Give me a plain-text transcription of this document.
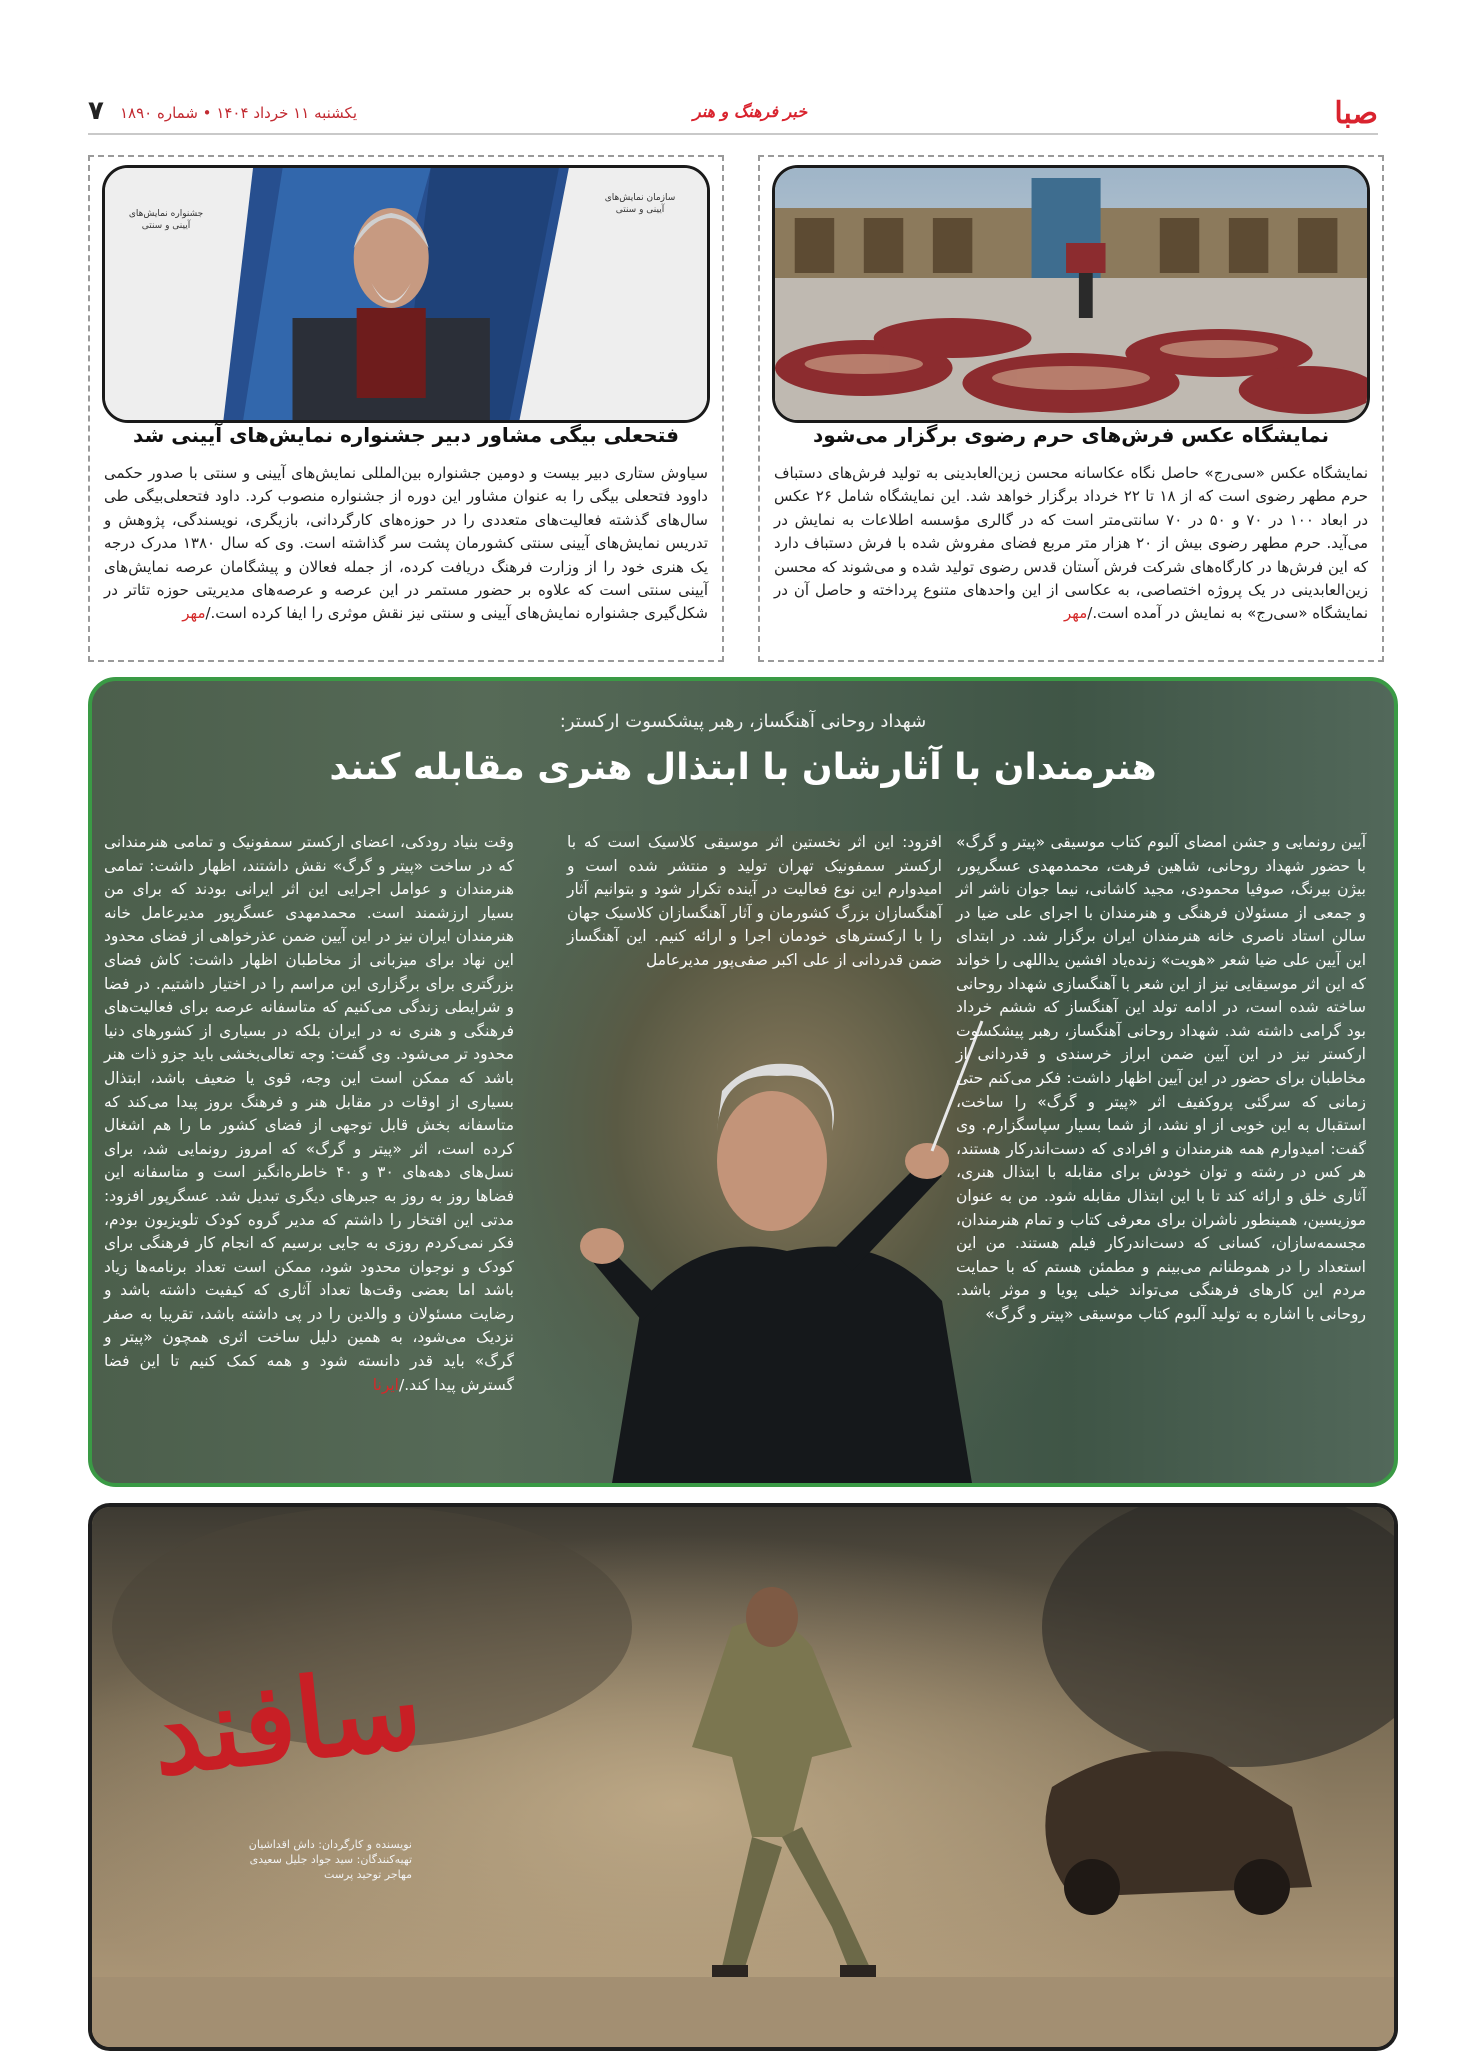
صبا
خبر فرهنگ و هنر
یکشنبه ۱۱ خرداد ۱۴۰۴ • شماره ۱۸۹۰
۷
نمایشگاه عکس فرش‌های حرم رضوی برگزار می‌شود
نمایشگاه عکس «سی‌رج» حاصل نگاه عکاسانه محسن زین‌العابدینی به تولید فرش‌های دستباف حرم مطهر رضوی است که از ۱۸ تا ۲۲ خرداد برگزار خواهد شد. این نمایشگاه شامل ۲۶ عکس در ابعاد ۱۰۰ در ۷۰ و ۵۰ در ۷۰ سانتی‌متر است که در گالری مؤسسه اطلاعات به نمایش در می‌آید. حرم مطهر رضوی بیش از ۲۰ هزار متر مربع فضای مفروش شده با فرش دستباف دارد که این فرش‌ها در کارگاه‌های شرکت فرش آستان قدس رضوی تولید شده و می‌شوند که محسن زین‌العابدینی در یک پروژه اختصاصی، به عکاسی از این واحدهای متنوع پرداخته و حاصل آن در نمایشگاه «سی‌رج» به نمایش در آمده است./مهر
سازمان نمایش‌های آیینی و سنتی
جشنواره نمایش‌های آیینی و سنتی
فتحعلی بیگی مشاور دبیر جشنواره نمایش‌های آیینی شد
سیاوش ستاری دبیر بیست و دومین جشنواره بین‌المللی نمایش‌های آیینی و سنتی با صدور حکمی داوود فتحعلی بیگی را به عنوان مشاور این دوره از جشنواره منصوب کرد. داود فتحعلی‌بیگی طی سال‌های گذشته فعالیت‌های متعددی را در حوزه‌های کارگردانی، بازیگری، نویسندگی، پژوهش و تدریس نمایش‌های آیینی سنتی کشورمان پشت سر گذاشته است. وی که سال ۱۳۸۰ مدرک درجه یک هنری خود را از وزارت فرهنگ دریافت کرده، از جمله فعالان و پیشگامان عرصه نمایش‌های آیینی سنتی است که علاوه بر حضور مستمر در این عرصه و عرصه‌های مدیریتی حوزه تئاتر در شکل‌گیری جشنواره نمایش‌های آیینی و سنتی نیز نقش موثری را ایفا کرده است./مهر
شهداد روحانی آهنگساز، رهبر پیشکسوت ارکستر:
هنرمندان با آثارشان با ابتذال هنری مقابله کنند
آیین رونمایی و جشن امضای آلبوم کتاب موسیقی «پیتر و گرگ» با حضور شهداد روحانی، شاهین فرهت، محمدمهدی عسگرپور، بیژن بیرنگ، صوفیا محمودی، مجید کاشانی، نیما جوان ناشر اثر و جمعی از مسئولان فرهنگی و هنرمندان با اجرای علی ضیا در سالن استاد ناصری خانه هنرمندان ایران برگزار شد. در ابتدای این آیین علی ضیا شعر «هویت» زنده‌یاد افشین یداللهی را خواند که این اثر موسیقایی نیز از این شعر با آهنگسازی شهداد روحانی ساخته شده است، در ادامه تولد این آهنگساز که ششم خرداد بود گرامی داشته شد. شهداد روحانی آهنگساز، رهبر پیشکسوت ارکستر نیز در این آیین ضمن ابراز خرسندی و قدردانی از مخاطبان برای حضور در این آیین اظهار داشت: فکر می‌کنم حتی زمانی که سرگئی پروکفیف اثر «پیتر و گرگ» را ساخت، استقبال به این خوبی از او نشد، از شما بسیار سپاسگزارم. وی گفت: امیدوارم همه هنرمندان و افرادی که دست‌اندرکار هستند، هر کس در رشته و توان خودش برای مقابله با ابتذال هنری، آثاری خلق و ارائه کند تا با این ابتذال مقابله شود. من به عنوان موزیسین، همینطور ناشران برای معرفی کتاب و تمام هنرمندان، مجسمه‌سازان، کسانی که دست‌اندرکار فیلم هستند. من این استعداد را در هموطنانم می‌بینم و مطمئن هستم که با حمایت مردم این کارهای فرهنگی می‌تواند خیلی پویا و موثر باشد. روحانی با اشاره به تولید آلبوم کتاب موسیقی «پیتر و گرگ»
افزود: این اثر نخستین اثر موسیقی کلاسیک است که با ارکستر سمفونیک تهران تولید و منتشر شده است و امیدوارم این نوع فعالیت در آینده تکرار شود و بتوانیم آثار آهنگسازان بزرگ کشورمان و آثار آهنگسازان کلاسیک جهان را با ارکسترهای خودمان اجرا و ارائه کنیم. این آهنگساز ضمن قدردانی از علی اکبر صفی‌پور مدیرعامل
وقت بنیاد رودکی، اعضای ارکستر سمفونیک و تمامی هنرمندانی که در ساخت «پیتر و گرگ» نقش داشتند، اظهار داشت: تمامی هنرمندان و عوامل اجرایی این اثر ایرانی بودند که برای من بسیار ارزشمند است. محمدمهدی عسگرپور مدیرعامل خانه هنرمندان ایران نیز در این آیین ضمن عذرخواهی از فضای محدود این نهاد برای میزبانی از مخاطبان اظهار داشت: کاش فضای بزرگتری برای برگزاری این مراسم را در اختیار داشتیم. در فضا و شرایطی زندگی می‌کنیم که متاسفانه عرصه برای فعالیت‌های فرهنگی و هنری نه در ایران بلکه در بسیاری از کشورهای دنیا محدود تر می‌شود. وی گفت: وجه تعالی‌بخشی باید جزو ذات هنر باشد که ممکن است این وجه، قوی یا ضعیف باشد، ابتذال بسیاری از اوقات در مقابل هنر و فرهنگ بروز پیدا می‌کند که متاسفانه بخش قابل توجهی از فضای کشور ما را هم اشغال کرده است، اثر «پیتر و گرگ» که امروز رونمایی شد، برای نسل‌های دهه‌های ۳۰ و ۴۰ خاطره‌انگیز است و متاسفانه این فضاها روز به روز به جبرهای دیگری تبدیل شد. عسگرپور افزود: مدتی این افتخار را داشتم که مدیر گروه کودک تلویزیون بودم، فکر نمی‌کردم روزی به جایی برسیم که انجام کار فرهنگی برای کودک و نوجوان محدود شود، ممکن است تعداد برنامه‌ها زیاد باشد اما بعضی وقت‌ها تعداد آثاری که کیفیت داشته باشد و رضایت مسئولان و والدین را در پی داشته باشد، تقریبا به صفر نزدیک می‌شود، به همین دلیل ساخت اثری همچون «پیتر و گرگ» باید قدر دانسته شود و همه کمک کنیم تا این فضا گسترش پیدا کند./ایرنا
سافند
نویسنده و کارگردان: داش اقداشیان
تهیه‌کنندگان: سید جواد جلیل سعیدی
مهاجر توحید پرست
